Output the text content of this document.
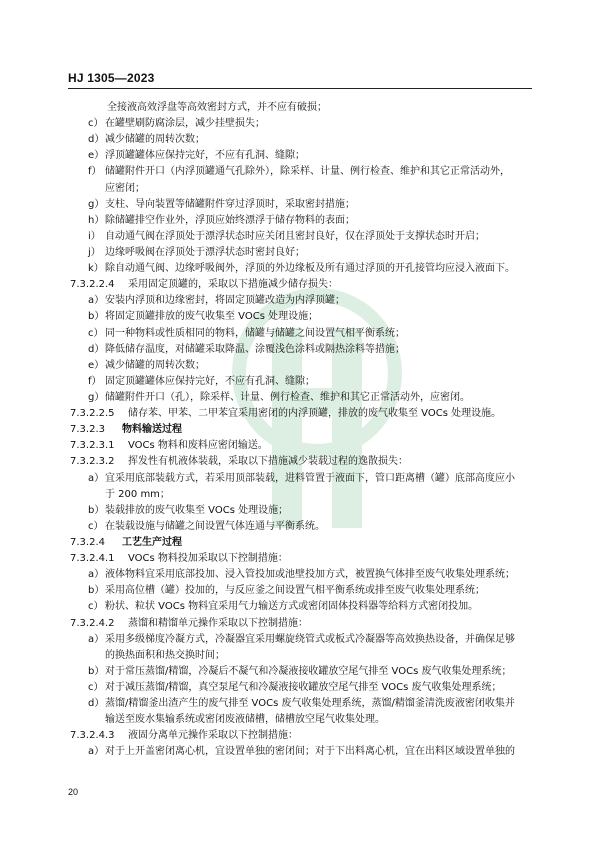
HJ 1305—2023
全接液高效浮盘等高效密封方式，并不应有破损；
c） 在罐壁刷防腐涂层，减少挂壁损失；
d） 减少储罐的周转次数；
e） 浮顶罐罐体应保持完好，不应有孔洞、缝隙；
f） 储罐附件开口（内浮顶罐通气孔除外），除采样、计量、例行检查、维护和其它正常活动外，
应密闭；
g） 支柱、导向装置等储罐附件穿过浮顶时，采取密封措施；
h） 除储罐排空作业外，浮顶应始终漂浮于储存物料的表面；
i） 自动通气阀在浮顶处于漂浮状态时应关闭且密封良好，仅在浮顶处于支撑状态时开启；
j） 边缘呼吸阀在浮顶处于漂浮状态时密封良好；
k） 除自动通气阀、边缘呼吸阀外，浮顶的外边缘板及所有通过浮顶的开孔接管均应浸入液面下。
7.3.2.2.4 采用固定顶罐的，采取以下措施减少储存损失：
a） 安装内浮顶和边缘密封，将固定顶罐改造为内浮顶罐；
b） 将固定顶罐排放的废气收集至 VOCs 处理设施；
c） 同一种物料或性质相同的物料，储罐与储罐之间设置气相平衡系统；
d） 降低储存温度，对储罐采取降温、涂覆浅色涂料或隔热涂料等措施；
e） 减少储罐的周转次数；
f） 固定顶罐罐体应保持完好，不应有孔洞、缝隙；
g） 储罐附件开口（孔），除采样、计量、例行检查、维护和其它正常活动外，应密闭。
7.3.2.2.5 储存苯、甲苯、二甲苯宜采用密闭的内浮顶罐，排放的废气收集至 VOCs 处理设施。
7.3.2.3 物料输送过程
7.3.2.3.1 VOCs 物料和废料应密闭输送。
7.3.2.3.2 挥发性有机液体装载，采取以下措施减少装载过程的逸散损失：
a） 宜采用底部装载方式，若采用顶部装载，进料管置于液面下，管口距离槽（罐）底部高度应小
于 200 mm；
b） 装载排放的废气收集至 VOCs 处理设施；
c） 在装载设施与储罐之间设置气体连通与平衡系统。
7.3.2.4 工艺生产过程
7.3.2.4.1 VOCs 物料投加采取以下控制措施：
a） 液体物料宜采用底部投加、浸入管投加或池壁投加方式，被置换气体排至废气收集处理系统；
b） 采用高位槽（罐）投加的，与反应釜之间设置气相平衡系统或排至废气收集处理系统；
c） 粉状、粒状 VOCs 物料宜采用气力输送方式或密闭固体投料器等给料方式密闭投加。
7.3.2.4.2 蒸馏和精馏单元操作采取以下控制措施：
a） 采用多级梯度冷凝方式，冷凝器宜采用螺旋绕管式或板式冷凝器等高效换热设备，并确保足够
的换热面积和热交换时间；
b） 对于常压蒸馏/精馏，冷凝后不凝气和冷凝液接收罐放空尾气排至 VOCs 废气收集处理系统；
c） 对于减压蒸馏/精馏，真空泵尾气和冷凝液接收罐放空尾气排至 VOCs 废气收集处理系统；
d） 蒸馏/精馏釜出渣产生的废气排至 VOCs 废气收集处理系统，蒸馏/精馏釜清洗废液密闭收集并
输送至废水集输系统或密闭废液储槽，储槽放空尾气收集处理。
7.3.2.4.3 液固分离单元操作采取以下控制措施：
a） 对于上开盖密闭离心机，宜设置单独的密闭间；对于下出料离心机，宜在出料区域设置单独的
20
